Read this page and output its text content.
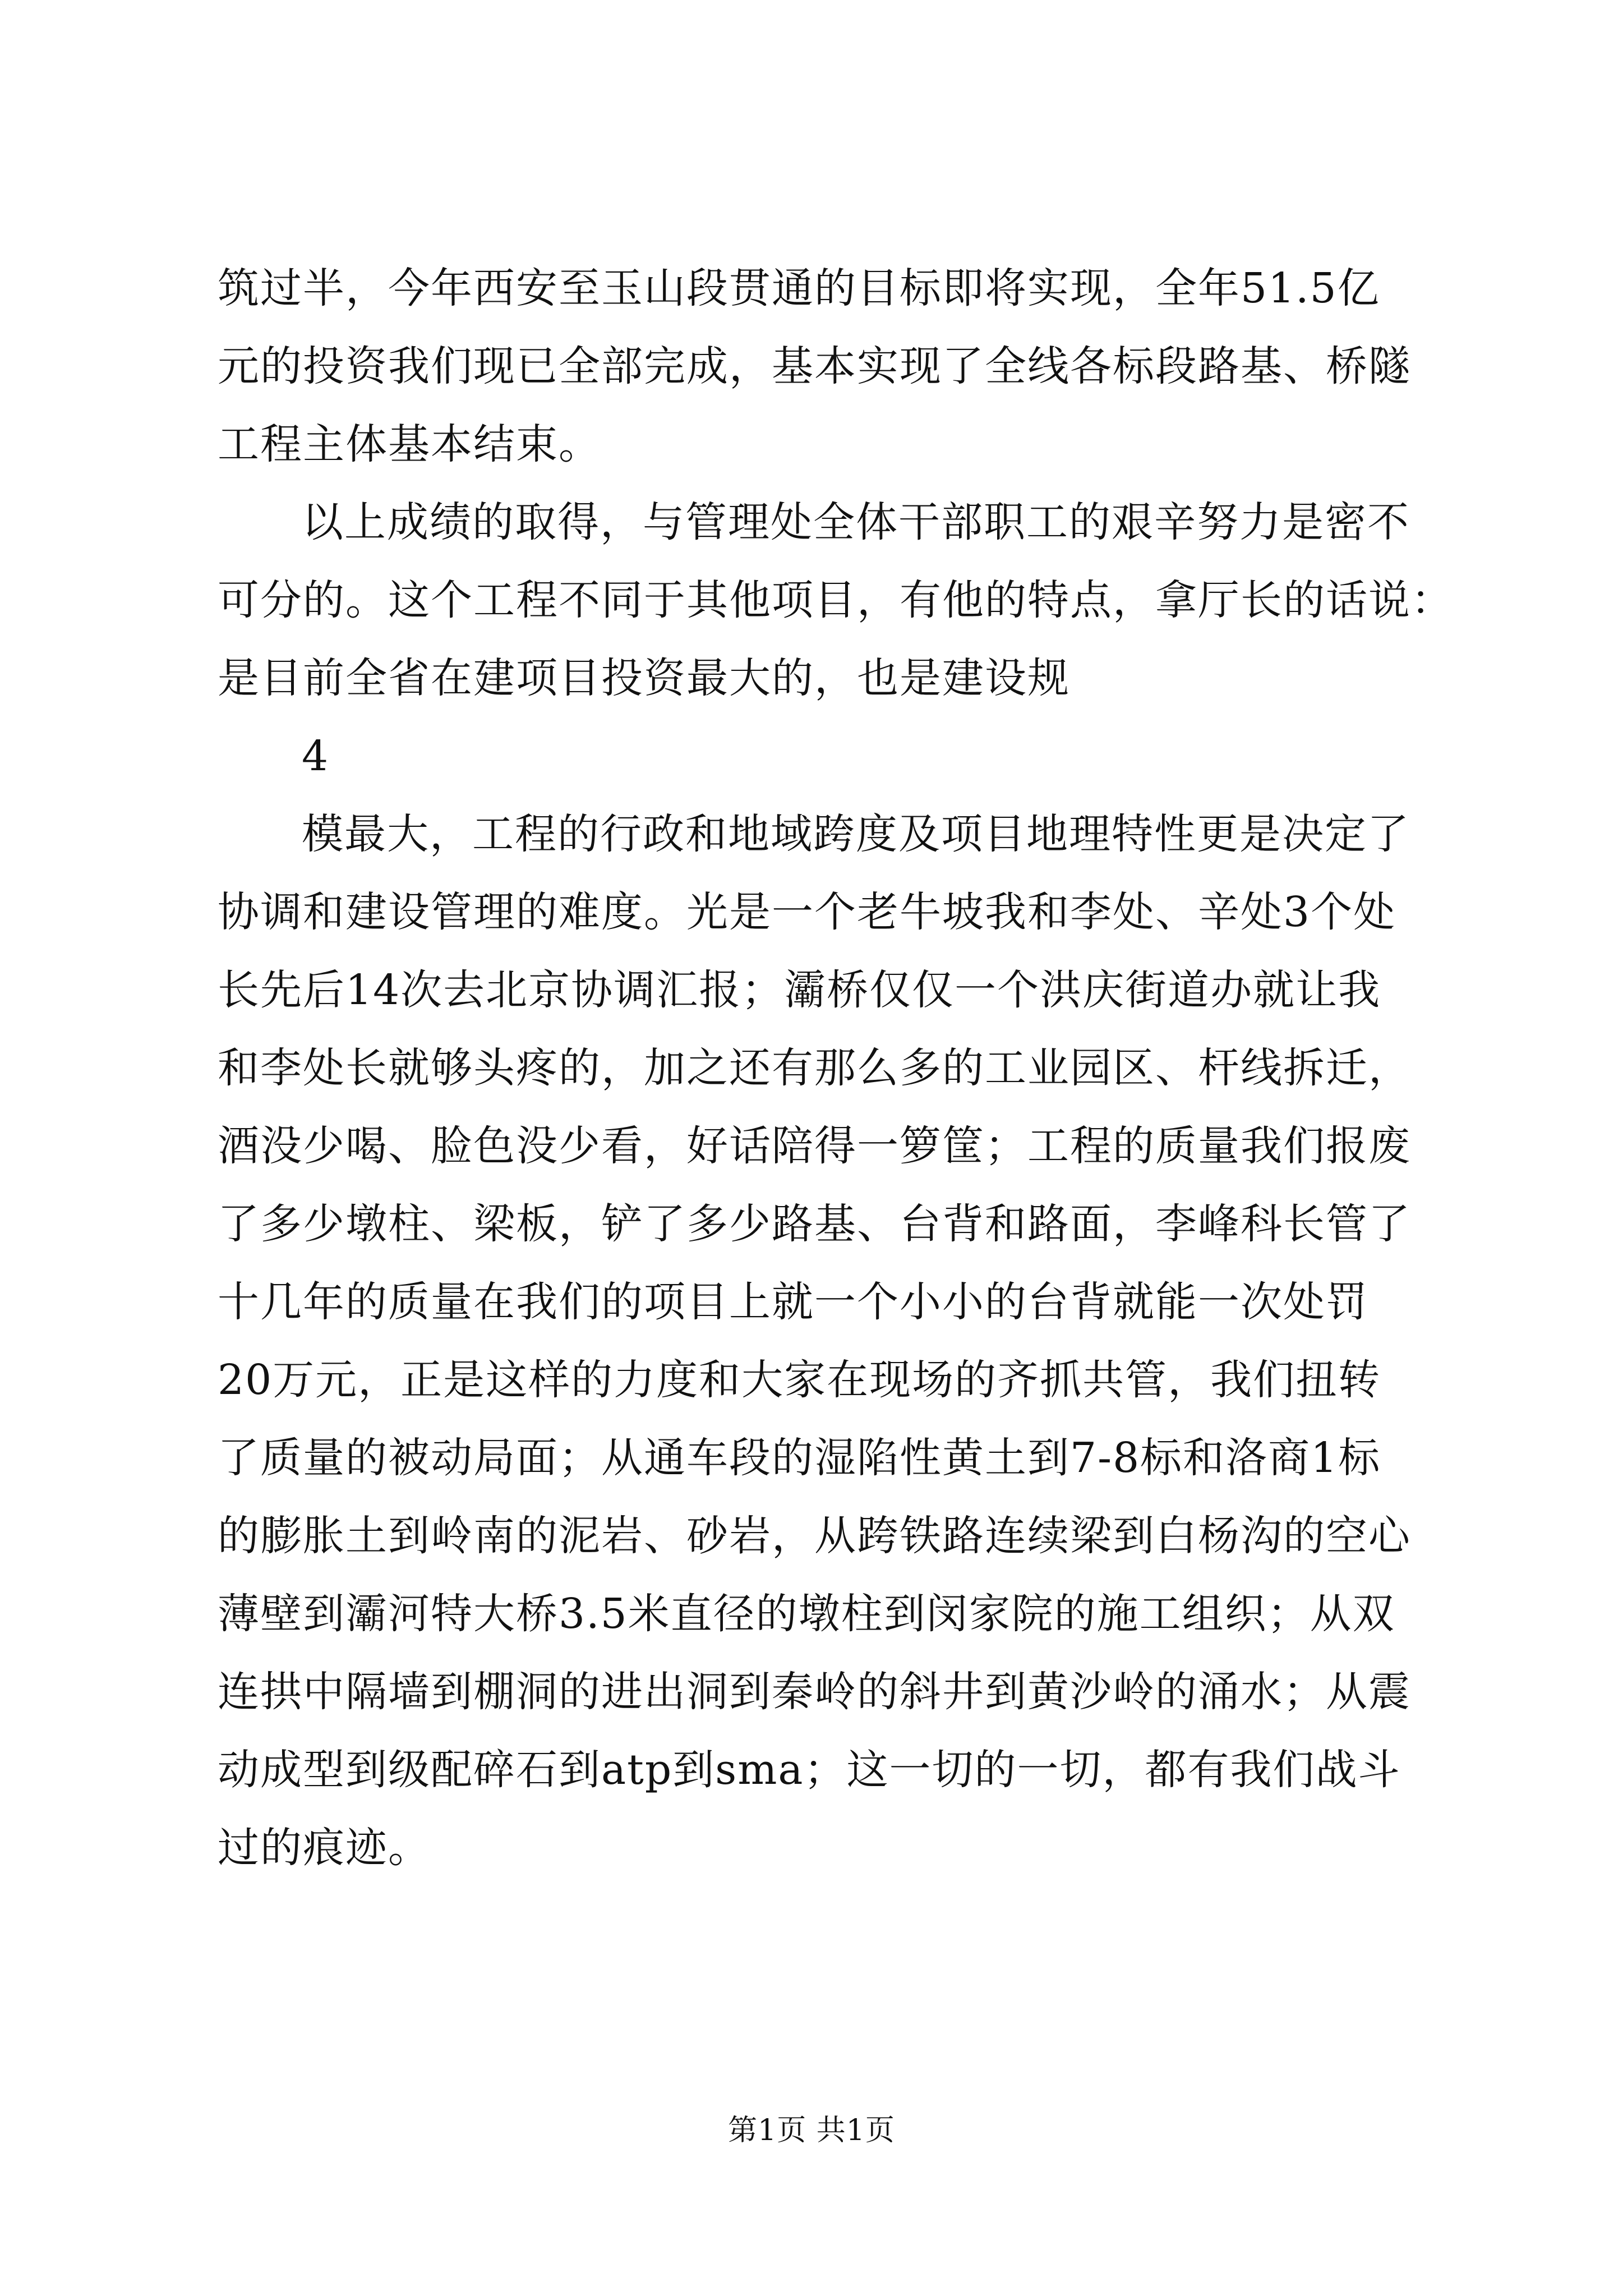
筑过半，今年西安至玉山段贯通的目标即将实现，全年51.5亿
元的投资我们现已全部完成，基本实现了全线各标段路基、桥隧
工程主体基本结束。
以上成绩的取得，与管理处全体干部职工的艰辛努力是密不
可分的。这个工程不同于其他项目，有他的特点，拿厅长的话说：
是目前全省在建项目投资最大的，也是建设规
4
模最大，工程的行政和地域跨度及项目地理特性更是决定了
协调和建设管理的难度。光是一个老牛坡我和李处、辛处3个处
长先后14次去北京协调汇报；灞桥仅仅一个洪庆街道办就让我
和李处长就够头疼的，加之还有那么多的工业园区、杆线拆迁，
酒没少喝、脸色没少看，好话陪得一箩筐；工程的质量我们报废
了多少墩柱、梁板，铲了多少路基、台背和路面，李峰科长管了
十几年的质量在我们的项目上就一个小小的台背就能一次处罚
20万元，正是这样的力度和大家在现场的齐抓共管，我们扭转
了质量的被动局面；从通车段的湿陷性黄土到7-8标和洛商1标
的膨胀土到岭南的泥岩、砂岩，从跨铁路连续梁到白杨沟的空心
薄壁到灞河特大桥3.5米直径的墩柱到闵家院的施工组织；从双
连拱中隔墙到棚洞的进出洞到秦岭的斜井到黄沙岭的涌水；从震
动成型到级配碎石到atp到sma；这一切的一切，都有我们战斗
过的痕迹。
第1页 共1页
